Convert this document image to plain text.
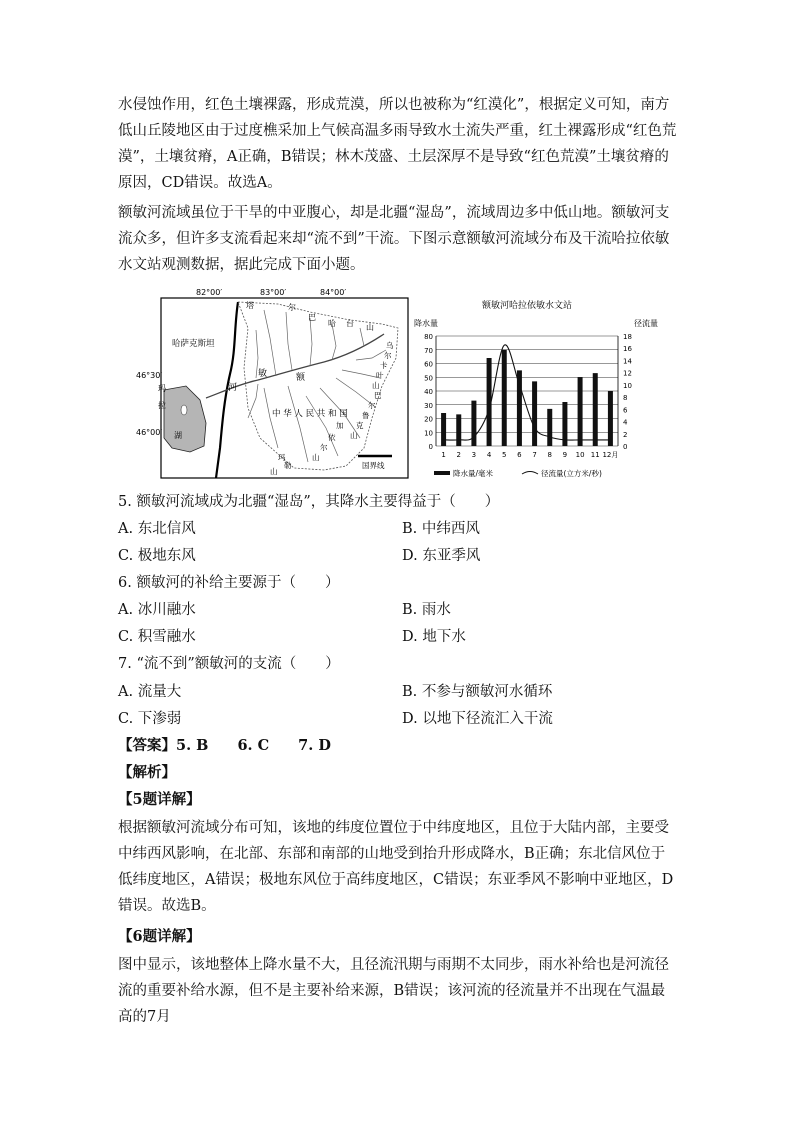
水侵蚀作用，红色土壤裸露，形成荒漠，所以也被称为“红漠化”，根据定义可知，南方低山丘陵地区由于过度樵采加上气候高温多雨导致水土流失严重，红土裸露形成“红色荒漠”，土壤贫瘠，A正确，B错误；林木茂盛、土层深厚不是导致“红色荒漠”土壤贫瘠的原因，CD错误。故选A。

额敏河流域虽位于干旱的中亚腹心，却是北疆“湿岛”，流域周边多中低山地。额敏河支流众多，但许多支流看起来却“流不到”干流。下图示意额敏河流域分布及干流哈拉依敏水文站观测数据，据此完成下面小题。

82°00′	83°00′	84°00′
46°30′
46°00′
哈萨克斯坦
玛
拉
湖
河
敏	额
塔	尔
巴
哈 台 山
乌
尔
卡
叶
山
巴
尔
鲁
克
山
加
依
尔
山
玛
勒
山
中 华 人 民 共 和 国
国界线
额敏河哈拉依敏水文站
降水量	径流量
0
10
20
30
40
50
60
70
80
0
2
4
6
8
10
12
14
16
18
1 2 3 4 5 6 7 8 9 10 11 12月
降水量/毫米	径流量(立方米/秒)
5. 额敏河流域成为北疆“湿岛”，其降水主要得益于（　　）
A. 东北信风	B. 中纬西风
C. 极地东风	D. 东亚季风
6. 额敏河的补给主要源于（　　）
A. 冰川融水	B. 雨水
C. 积雪融水	D. 地下水
7. “流不到”额敏河的支流（　　）
A. 流量大	B. 不参与额敏河水循环
C. 下渗弱	D. 以地下径流汇入干流
【答案】5. B　　6. C　　7. D
【解析】
【5题详解】

根据额敏河流域分布可知，该地的纬度位置位于中纬度地区，且位于大陆内部，主要受中纬西风影响，在北部、东部和南部的山地受到抬升形成降水，B正确；东北信风位于低纬度地区，A错误；极地东风位于高纬度地区，C错误；东亚季风不影响中亚地区，D错误。故选B。

【6题详解】

图中显示，该地整体上降水量不大，且径流汛期与雨期不太同步，雨水补给也是河流径流的重要补给水源，但不是主要补给来源，B错误；该河流的径流量并不出现在气温最高的7月
